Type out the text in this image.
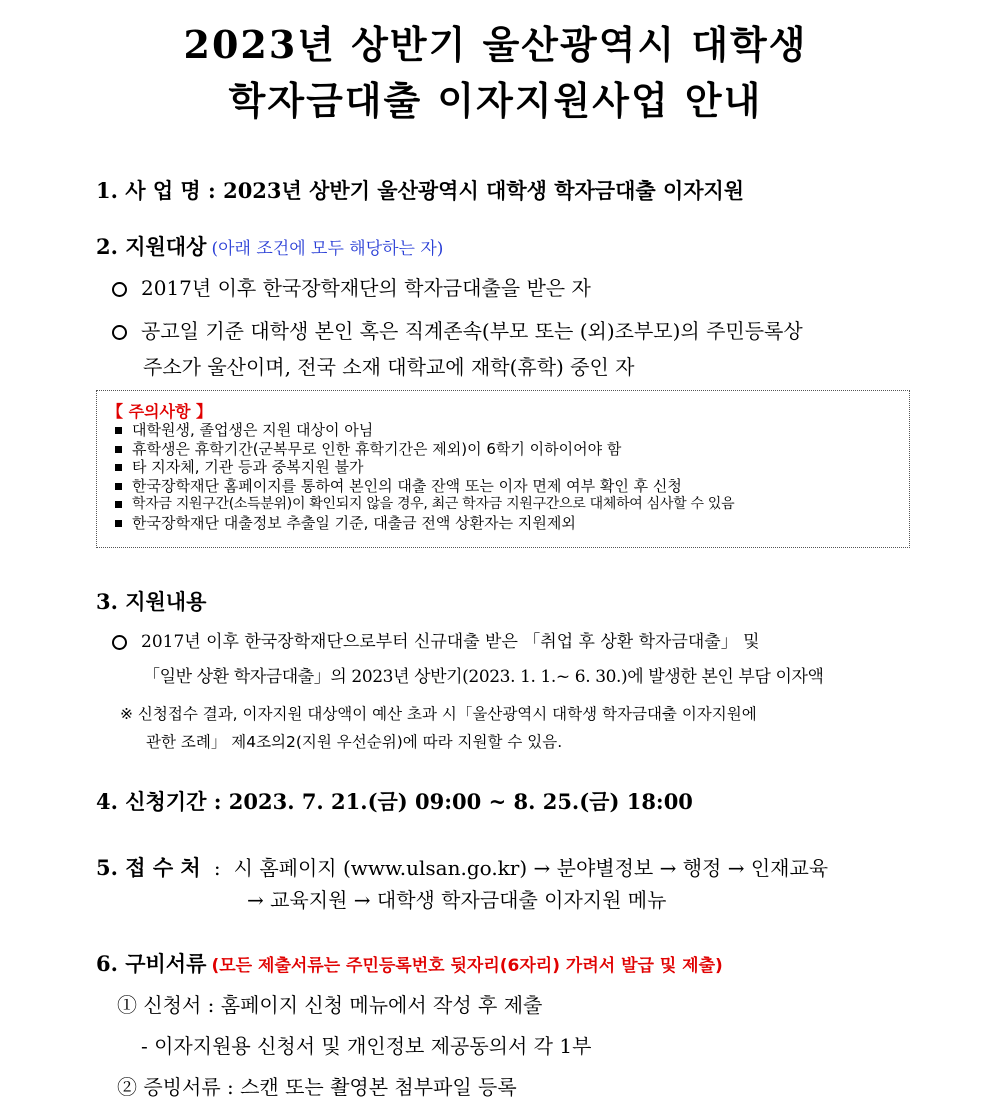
2023년 상반기 울산광역시 대학생
학자금대출 이자지원사업 안내
1. 사 업 명 : 2023년 상반기 울산광역시 대학생 학자금대출 이자지원
2. 지원대상 (아래 조건에 모두 해당하는 자)
2017년 이후 한국장학재단의 학자금대출을 받은 자
공고일 기준 대학생 본인 혹은 직계존속(부모 또는 (외)조부모)의 주민등록상
주소가 울산이며, 전국 소재 대학교에 재학(휴학) 중인 자
【 주의사항 】
대학원생, 졸업생은 지원 대상이 아님
휴학생은 휴학기간(군복무로 인한 휴학기간은 제외)이 6학기 이하이어야 함
타 지자체, 기관 등과 중복지원 불가
한국장학재단 홈페이지를 통하여 본인의 대출 잔액 또는 이자 면제 여부 확인 후 신청
학자금 지원구간(소득분위)이 확인되지 않을 경우, 최근 학자금 지원구간으로 대체하여 심사할 수 있음
한국장학재단 대출정보 추출일 기준, 대출금 전액 상환자는 지원제외
3. 지원내용
2017년 이후 한국장학재단으로부터 신규대출 받은 「취업 후 상환 학자금대출」 및
「일반 상환 학자금대출」의 2023년 상반기(2023. 1. 1.~ 6. 30.)에 발생한 본인 부담 이자액
※ 신청접수 결과, 이자지원 대상액이 예산 초과 시「울산광역시 대학생 학자금대출 이자지원에
관한 조례」 제4조의2(지원 우선순위)에 따라 지원할 수 있음.
4. 신청기간 : 2023. 7. 21.(금) 09:00 ~ 8. 25.(금) 18:00
5. 접 수 처 : 시 홈페이지 (www.ulsan.go.kr) → 분야별정보 → 행정 → 인재교육
→ 교육지원 → 대학생 학자금대출 이자지원 메뉴
6. 구비서류 (모든 제출서류는 주민등록번호 뒷자리(6자리) 가려서 발급 및 제출)
① 신청서 : 홈페이지 신청 메뉴에서 작성 후 제출
- 이자지원용 신청서 및 개인정보 제공동의서 각 1부
② 증빙서류 : 스캔 또는 촬영본 첨부파일 등록
